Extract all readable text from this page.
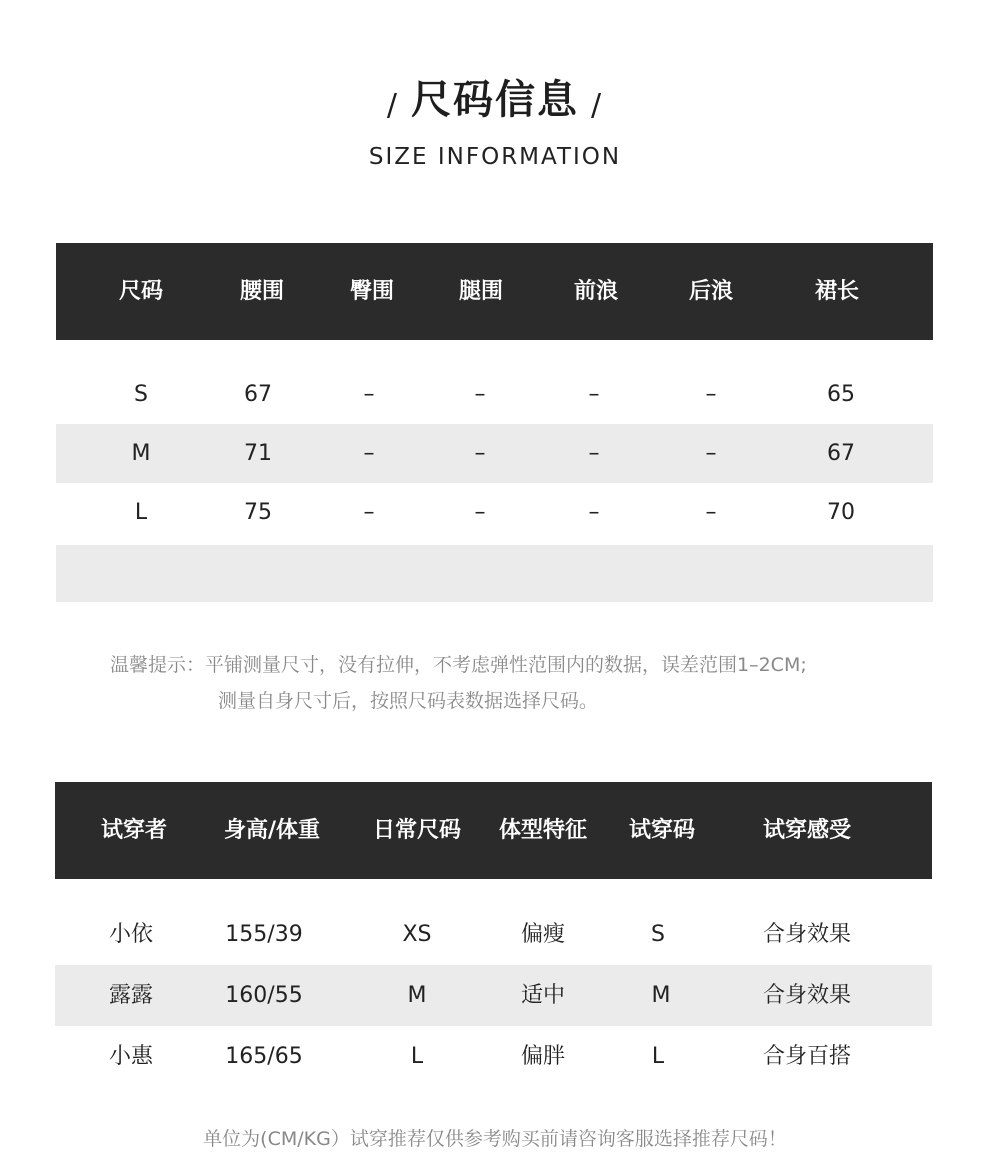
/ 尺码信息 /
SIZE INFORMATION
尺码	腰围	臀围	腿围	前浪	后浪	裙长
S	67	–	–	–	–	65
M	71	–	–	–	–	67
L	75	–	–	–	–	70
温馨提示：平铺测量尺寸，没有拉伸，不考虑弹性范围内的数据，误差范围1–2CM;
测量自身尺寸后，按照尺码表数据选择尺码。
试穿者	身高/体重 日常尺码 体型特征 试穿码	试穿感受
小依	155/39	XS	偏瘦	S	合身效果
露露	160/55	M	适中	M	合身效果
小惠	165/65	L	偏胖	L	合身百搭
单位为(CM/KG）试穿推荐仅供参考购买前请咨询客服选择推荐尺码！
